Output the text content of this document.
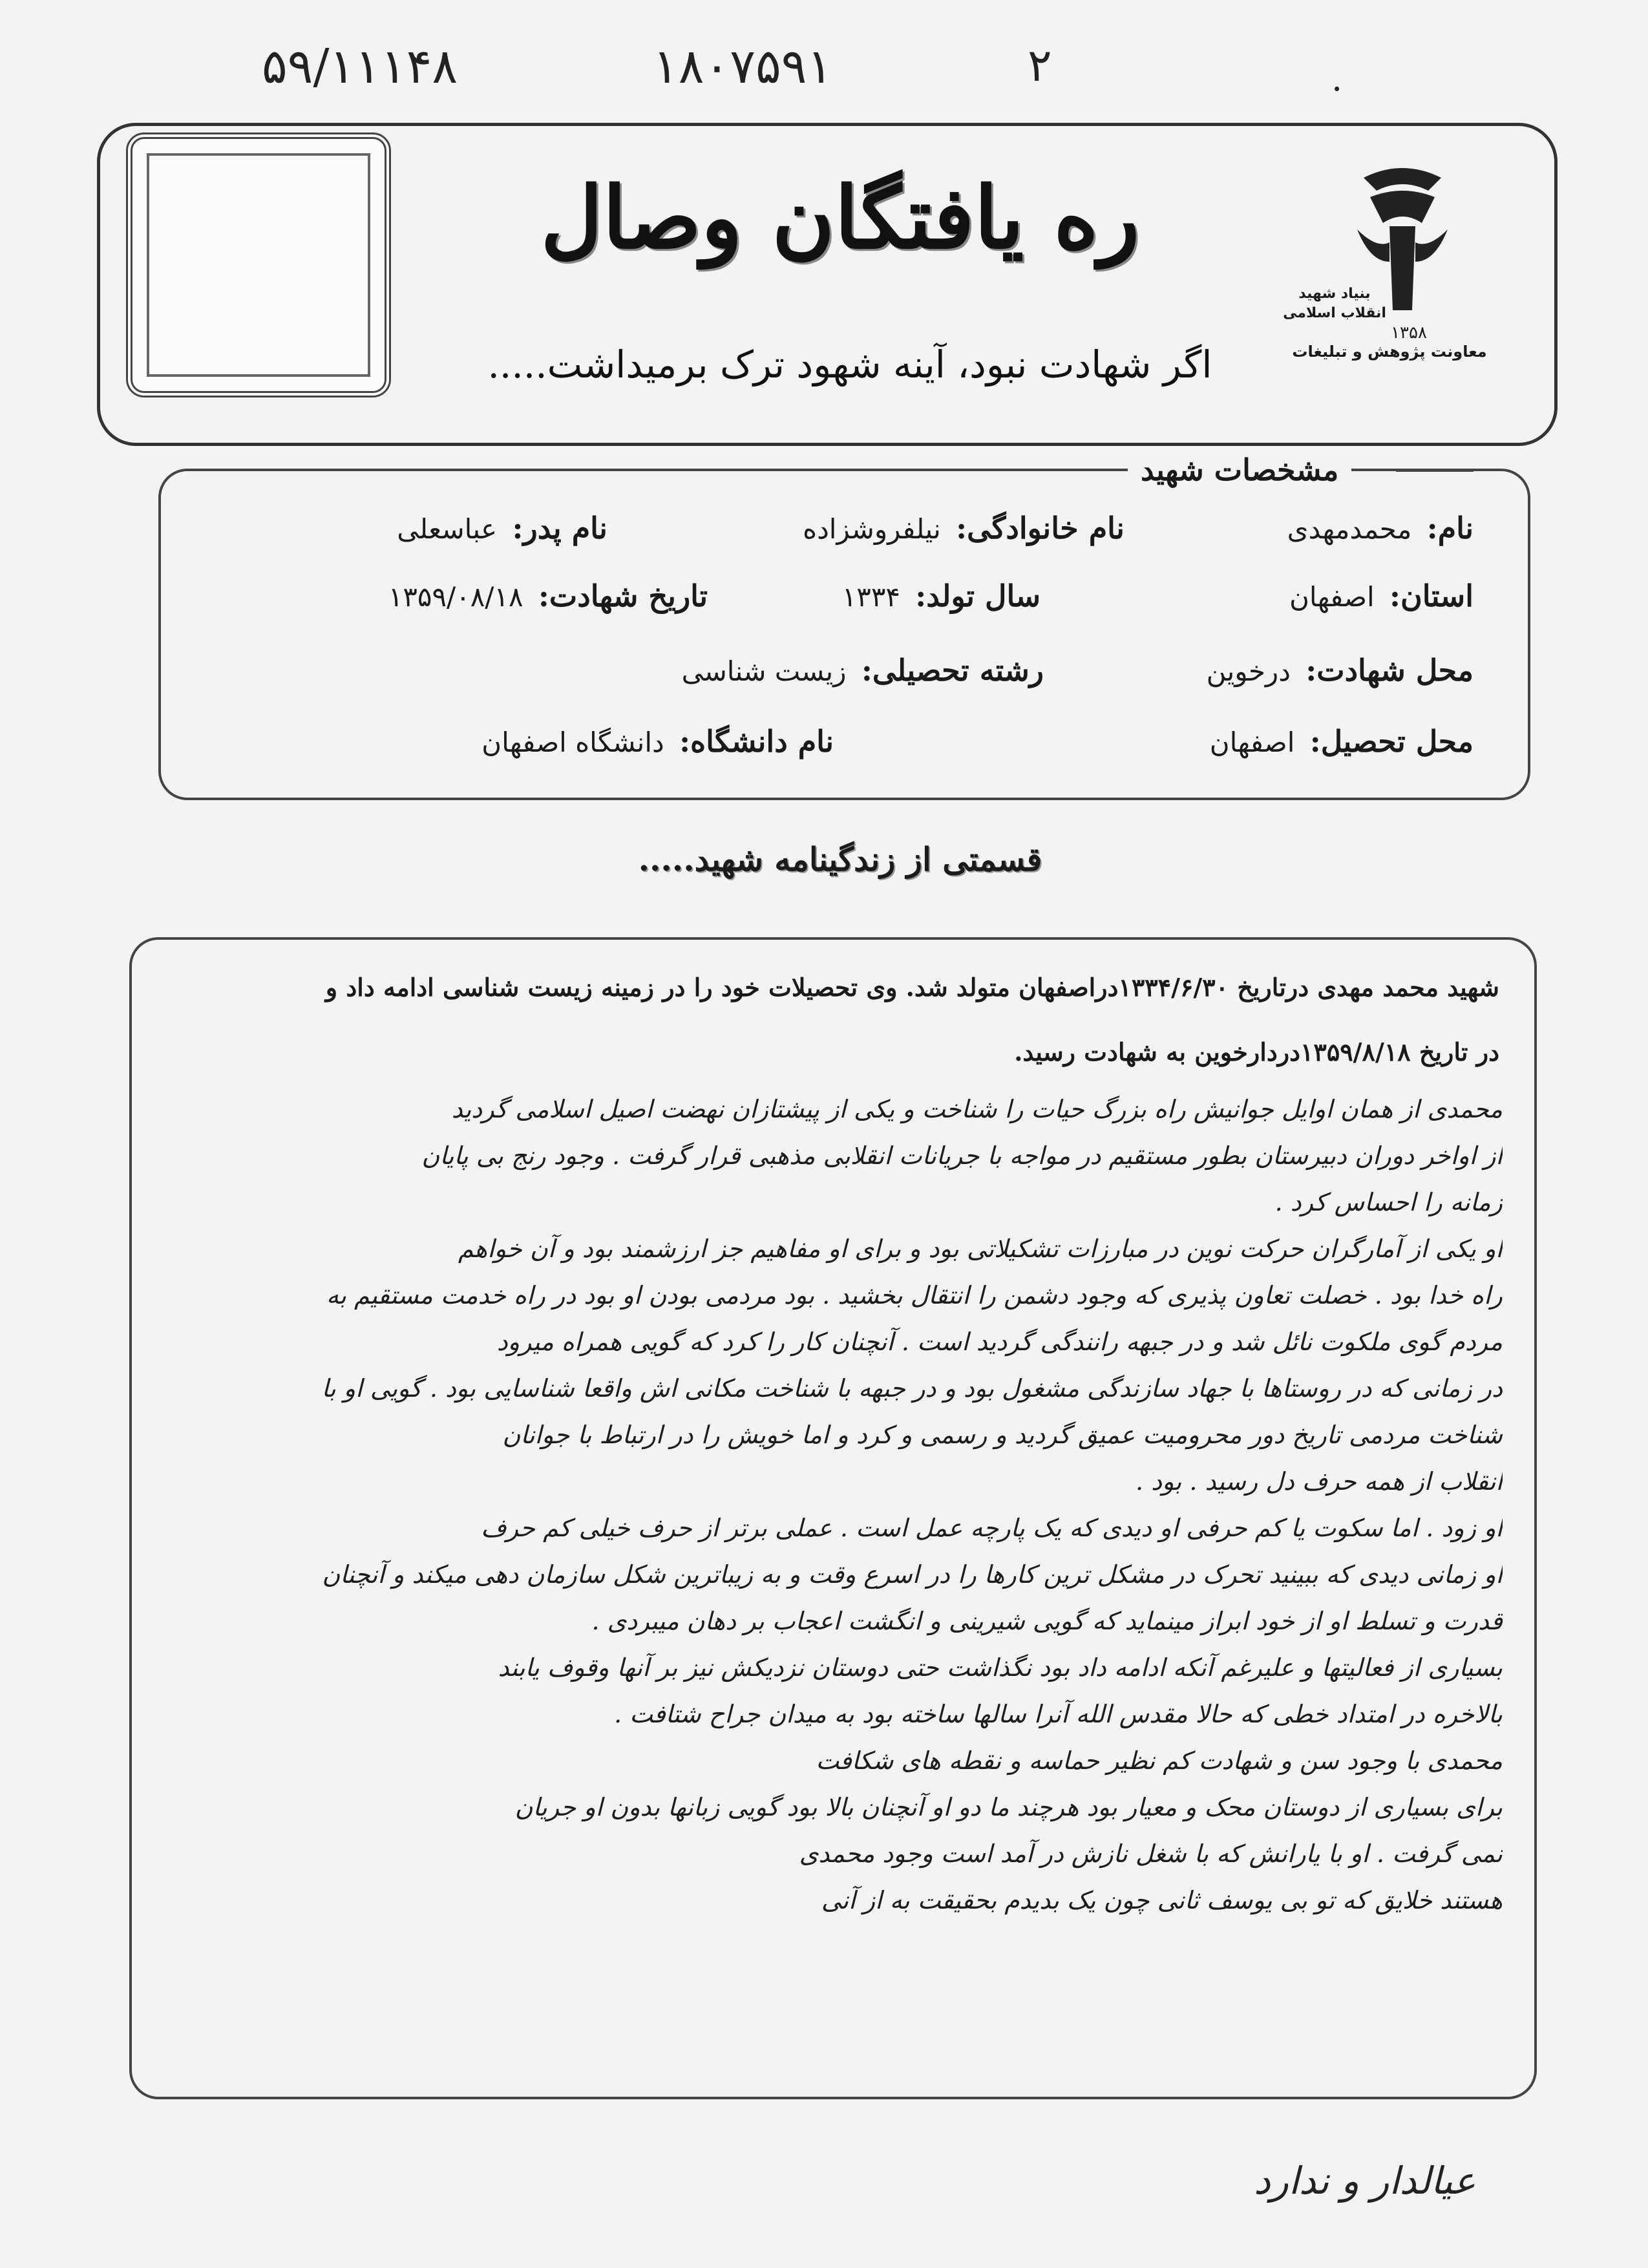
۵۹/۱۱۱۴۸	۱۸۰۷۵۹۱	۲	.
ره یافتگان وصال
اگر شهادت نبود، آینه شهود ترک برمیداشت.....
بنیاد شهید
انقلاب اسلامی
۱۳۵۸
معاونت پژوهش و تبلیغات
مشخصات شهید
نام: محمدمهدی
نام خانوادگی: نیلفروشزاده
نام پدر: عباسعلی
استان: اصفهان
سال تولد: ۱۳۳۴
تاریخ شهادت: ۱۳۵۹/۰۸/۱۸
محل شهادت: درخوین
رشته تحصیلی: زیست شناسی
محل تحصیل: اصفهان
نام دانشگاه: دانشگاه اصفهان
قسمتی از زندگینامه شهید.....
شهید محمد مهدی درتاریخ ۱۳۳۴/۶/۳۰دراصفهان متولد شد. وی تحصیلات خود را در زمینه زیست شناسی ادامه داد و
در تاریخ ۱۳۵۹/۸/۱۸دردارخوین به شهادت رسید.
محمدی از همان اوایل جوانیش راه بزرگ حیات را شناخت و یکی از پیشتازان نهضت اصیل اسلامی گردید
از اواخر دوران دبیرستان بطور مستقیم در مواجه با جریانات انقلابی مذهبی قرار گرفت . وجود رنج بی پایان
زمانه را احساس کرد .
او یکی از آمارگران حرکت نوین در مبارزات تشکیلاتی بود و برای او مفاهیم جز ارزشمند بود و آن خواهم
راه خدا بود . خصلت تعاون پذیری که وجود دشمن را انتقال بخشید . بود مردمی بودن او بود در راه خدمت مستقیم به
مردم گوی ملکوت نائل شد و در جبهه رانندگی گردید است . آنچنان کار را کرد که گویی همراه میرود
در زمانی که در روستاها با جهاد سازندگی مشغول بود و در جبهه با شناخت مکانی اش واقعا شناسایی بود . گویی او با
شناخت مردمی تاریخ دور محرومیت عمیق گردید و رسمی و کرد و اما خویش را در ارتباط با جوانان
انقلاب از همه حرف دل رسید . بود .
او زود . اما سکوت یا کم حرفی او دیدی که یک پارچه عمل است . عملی برتر از حرف خیلی کم حرف
او زمانی دیدی که ببینید تحرک در مشکل ترین کارها را در اسرع وقت و به زیباترین شکل سازمان دهی میکند و آنچنان
قدرت و تسلط او از خود ابراز مینماید که گویی شیرینی و انگشت اعجاب بر دهان میبردی .
بسیاری از فعالیتها و علیرغم آنکه ادامه داد بود نگذاشت حتی دوستان نزدیکش نیز بر آنها وقوف یابند
بالاخره در امتداد خطی که حالا مقدس الله آنرا سالها ساخته بود به میدان جراح شتافت .
محمدی با وجود سن و شهادت کم نظیر حماسه و نقطه های شکافت
برای بسیاری از دوستان محک و معیار بود هرچند ما دو او آنچنان بالا بود گویی زبانها بدون او جریان
نمی گرفت . او با یارانش که با شغل نازش در آمد است وجود محمدی
هستند خلایق که تو بی یوسف ثانی چون یک بدیدم بحقیقت به از آنی
عیالدار و ندارد
